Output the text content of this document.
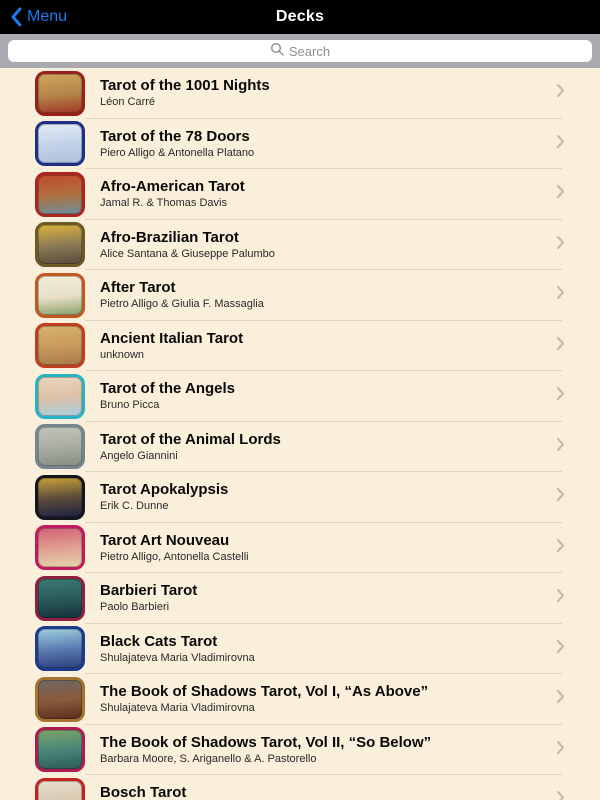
Menu	Decks
Search
Tarot of the 1001 Nights
Léon Carré
Tarot of the 78 Doors
Piero Alligo & Antonella Platano
Afro-American Tarot
Jamal R. & Thomas Davis
Afro-Brazilian Tarot
Alice Santana & Giuseppe Palumbo
After Tarot
Pietro Alligo & Giulia F. Massaglia
Ancient Italian Tarot
unknown
Tarot of the Angels
Bruno Picca
Tarot of the Animal Lords
Angelo Giannini
Tarot Apokalypsis
Erik C. Dunne
Tarot Art Nouveau
Pietro Alligo, Antonella Castelli
Barbieri Tarot
Paolo Barbieri
Black Cats Tarot
Shulajateva Maria Vladimirovna
The Book of Shadows Tarot, Vol I, “As Above”
Shulajateva Maria Vladimirovna
The Book of Shadows Tarot, Vol II, “So Below”
Barbara Moore, S. Ariganello & A. Pastorello
Bosch Tarot
